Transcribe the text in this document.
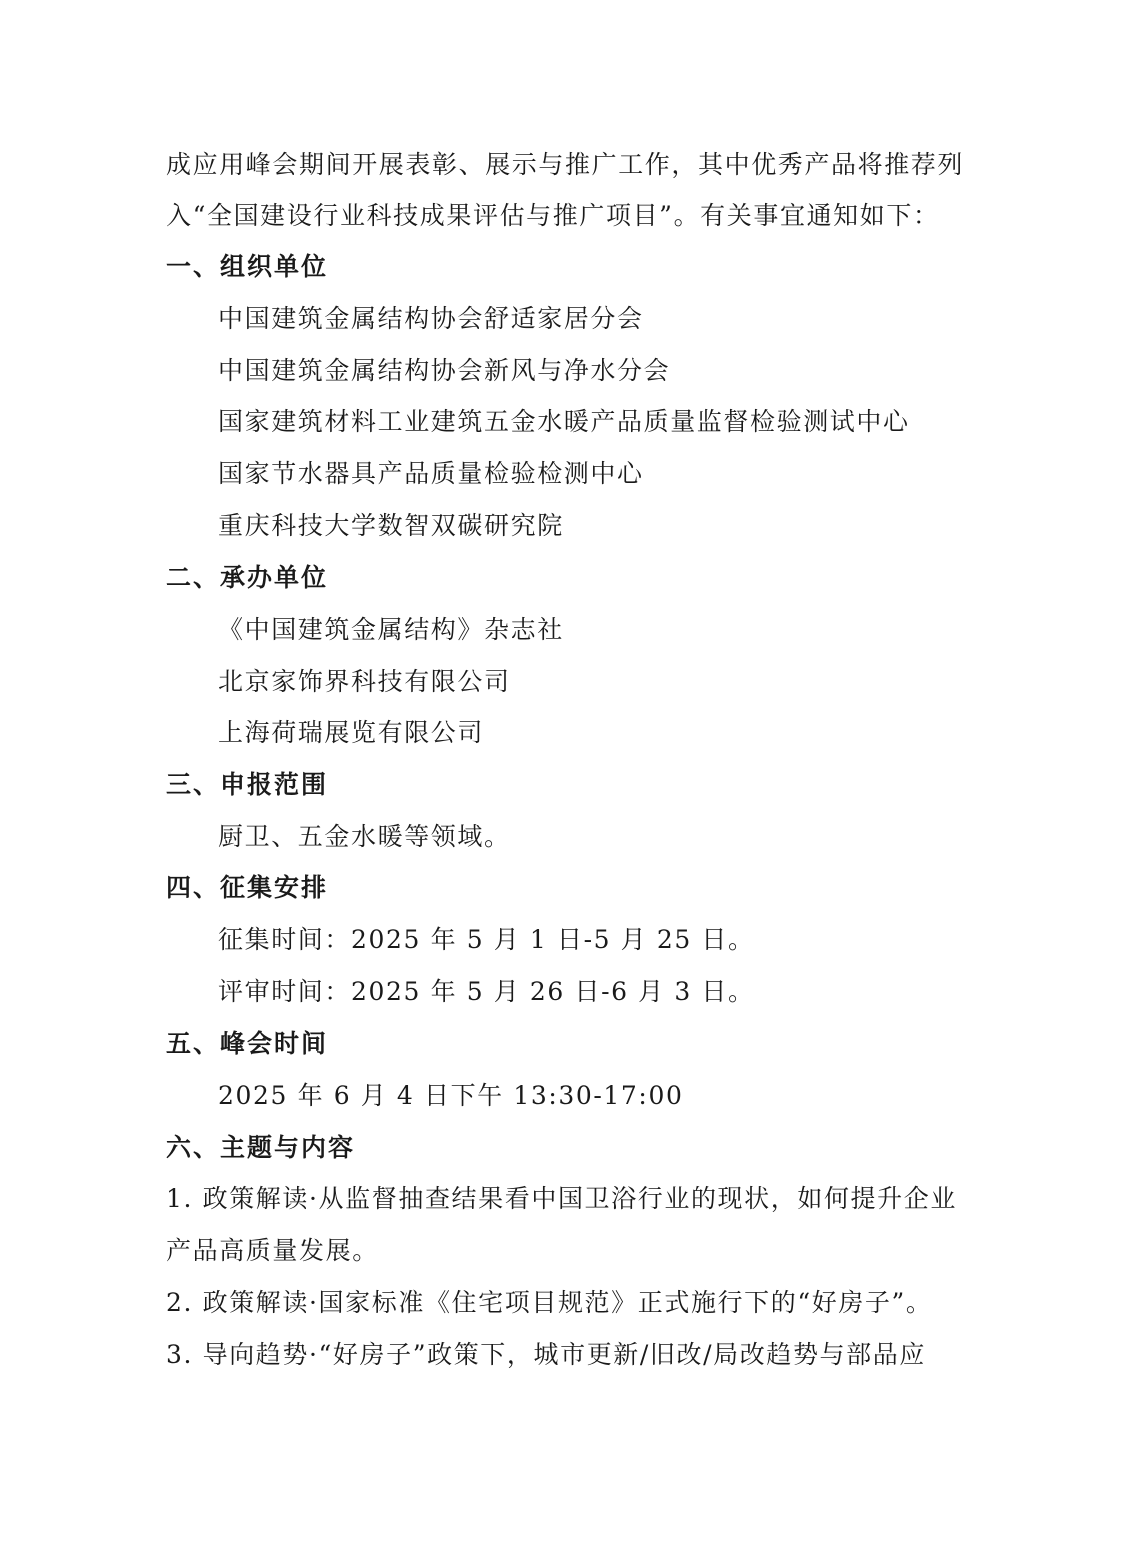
成应用峰会期间开展表彰、展示与推广工作，其中优秀产品将推荐列
入“全国建设行业科技成果评估与推广项目”。有关事宜通知如下：
一、组织单位
中国建筑金属结构协会舒适家居分会
中国建筑金属结构协会新风与净水分会
国家建筑材料工业建筑五金水暖产品质量监督检验测试中心
国家节水器具产品质量检验检测中心
重庆科技大学数智双碳研究院
二、承办单位
《中国建筑金属结构》杂志社
北京家饰界科技有限公司
上海荷瑞展览有限公司
三、申报范围
厨卫、五金水暖等领域。
四、征集安排
征集时间：2025 年 5 月 1 日-5 月 25 日。
评审时间：2025 年 5 月 26 日-6 月 3 日。
五、峰会时间
2025 年 6 月 4 日下午 13:30-17:00
六、主题与内容
1. 政策解读·从监督抽查结果看中国卫浴行业的现状，如何提升企业
产品高质量发展。
2. 政策解读·国家标准《住宅项目规范》正式施行下的“好房子”。
3. 导向趋势·“好房子”政策下，城市更新/旧改/局改趋势与部品应
